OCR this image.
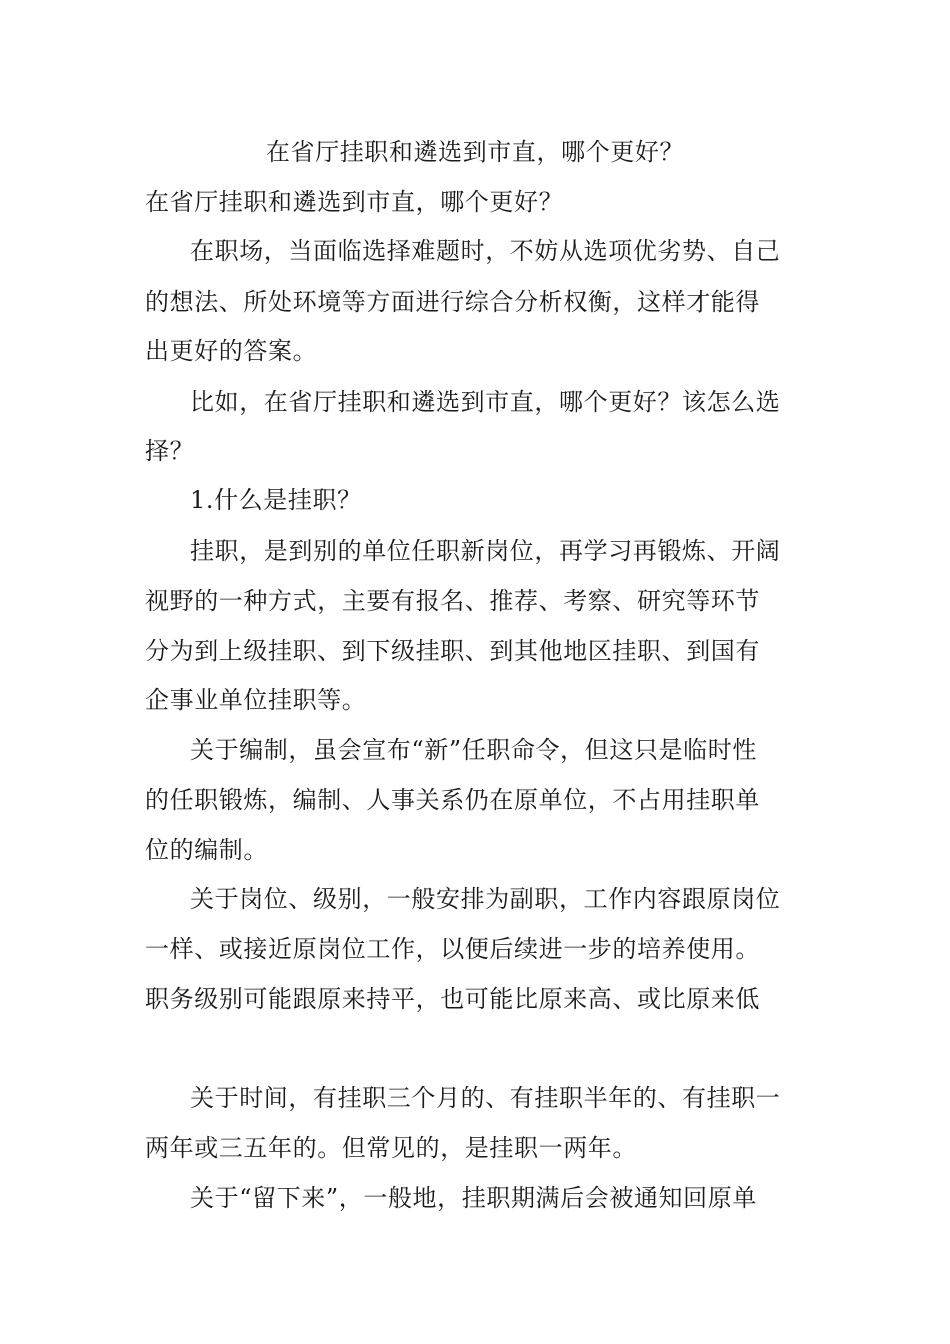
在省厅挂职和遴选到市直，哪个更好？
在省厅挂职和遴选到市直，哪个更好？
在职场，当面临选择难题时，不妨从选项优劣势、自己
的想法、所处环境等方面进行综合分析权衡，这样才能得
出更好的答案。
比如，在省厅挂职和遴选到市直，哪个更好？该怎么选
择？
1.什么是挂职？
挂职，是到别的单位任职新岗位，再学习再锻炼、开阔
视野的一种方式，主要有报名、推荐、考察、研究等环节
分为到上级挂职、到下级挂职、到其他地区挂职、到国有
企事业单位挂职等。
关于编制，虽会宣布“新”任职命令，但这只是临时性
的任职锻炼，编制、人事关系仍在原单位，不占用挂职单
位的编制。
关于岗位、级别，一般安排为副职，工作内容跟原岗位
一样、或接近原岗位工作，以便后续进一步的培养使用。
职务级别可能跟原来持平，也可能比原来高、或比原来低
关于时间，有挂职三个月的、有挂职半年的、有挂职一
两年或三五年的。但常见的，是挂职一两年。
关于“留下来”，一般地，挂职期满后会被通知回原单
